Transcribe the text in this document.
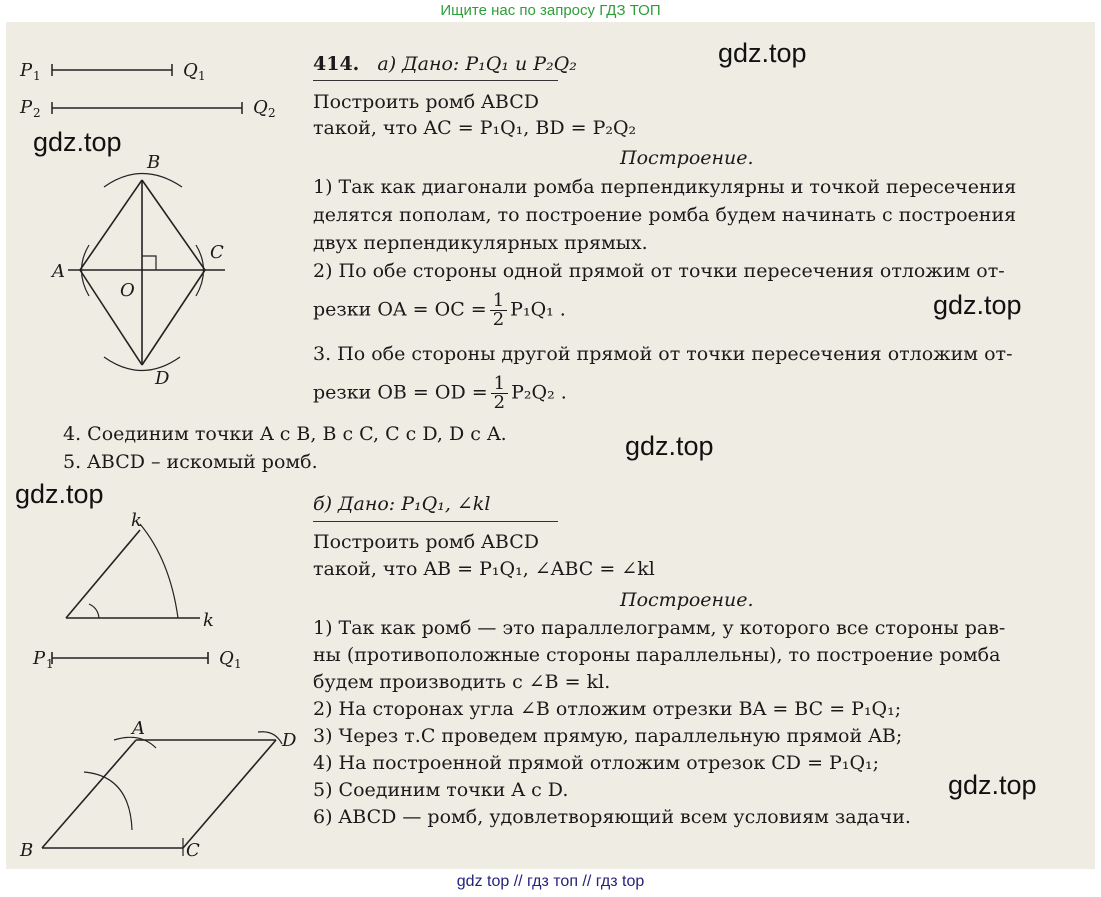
Ищите нас по запросу ГДЗ ТОП
P 1	Q 1
P 2	Q 2
B
A
C
O
D
k
k
P 1	Q 1
A
D
B	C
414. а) Дано: P₁Q₁ и P₂Q₂
Построить ромб ABCD
такой, что AC = P₁Q₁, BD = P₂Q₂
Построение.
1) Так как диагонали ромба перпендикулярны и точкой пересечения
делятся пополам, то построение ромба будем начинать с построения
двух перпендикулярных прямых.
2) По обе стороны одной прямой от точки пересечения отложим от-
резки OA = OC = $\frac{1}{2} P_1Q_1$ .
3. По обе стороны другой прямой от точки пересечения отложим от-
резки OB = OD = $\frac{1}{2} P_2Q_2$ .
4. Соединим точки A с B, B с C, C с D, D с A.
5. ABCD – искомый ромб.
б) Дано: P₁Q₁, ∠kl
Построить ромб ABCD
такой, что AB = P₁Q₁, ∠ABC = ∠kl
Построение.
1) Так как ромб — это параллелограмм, у которого все стороны рав-
ны (противоположные стороны параллельны), то построение ромба
будем производить с ∠B = kl.
2) На сторонах угла ∠B отложим отрезки BA = BC = P₁Q₁;
3) Через т.C проведем прямую, параллельную прямой AB;
4) На построенной прямой отложим отрезок CD = P₁Q₁;
5) Соединим точки A с D.
6) ABCD — ромб, удовлетворяющий всем условиям задачи.
gdz.top
gdz.top
gdz.top
gdz.top
gdz.top
gdz.top
gdz top // гдз топ // гдз top
